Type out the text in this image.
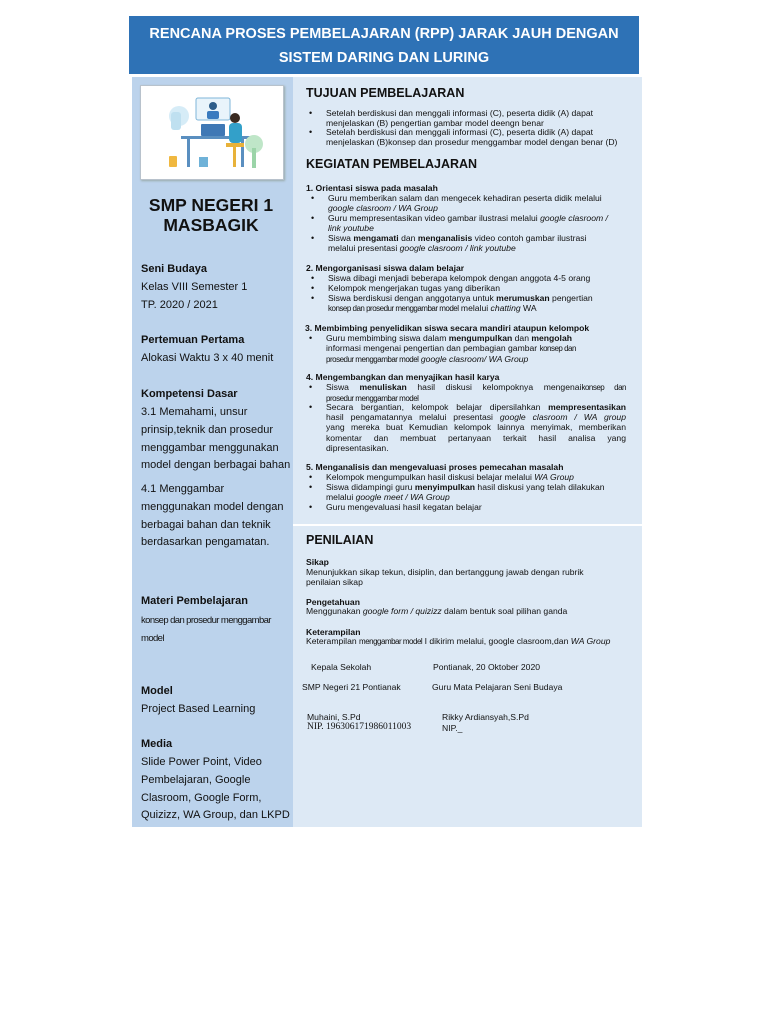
RENCANA PROSES PEMBELAJARAN (RPP) JARAK JAUH DENGAN
SISTEM DARING DAN LURING
SMP NEGERI 1
MASBAGIK
Seni Budaya
Kelas VIII Semester 1
TP. 2020 / 2021
Pertemuan Pertama
Alokasi Waktu 3 x 40 menit
Kompetensi Dasar
3.1 Memahami, unsur
prinsip,teknik dan prosedur
menggambar menggunakan
model dengan berbagai bahan
4.1 Menggambar
menggunakan model dengan
berbagai bahan dan teknik
berdasarkan pengamatan.
Materi Pembelajaran
konsep dan prosedur menggambar
model
Model
Project Based Learning
Media
Slide Power Point, Video
Pembelajaran, Google
Clasroom, Google Form,
Quizizz, WA Group, dan LKPD
TUJUAN PEMBELAJARAN
• Setelah berdiskusi dan menggali informasi (C), peserta didik (A) dapat
menjelaskan (B) pengertian gambar model deengn benar
• Setelah berdiskusi dan menggali informasi (C), peserta didik (A) dapat
menjelaskan (B)konsep dan prosedur menggambar model dengan benar (D)
KEGIATAN PEMBELAJARAN
1. Orientasi siswa pada masalah
• Guru memberikan salam dan mengecek kehadiran peserta didik melalui
google clasroom / WA Group
• Guru mempresentasikan video gambar ilustrasi melalui google clasroom /
link youtube
• Siswa mengamati dan menganalisis video contoh gambar ilustrasi
melalui presentasi google clasroom / link youtube
2. Mengorganisasi siswa dalam belajar
• Siswa dibagi menjadi beberapa kelompok dengan anggota 4-5 orang
• Kelompok mengerjakan tugas yang diberikan
• Siswa berdiskusi dengan anggotanya untuk merumuskan pengertian
konsep dan prosedur menggambar model melalui chatting WA
3. Membimbing penyelidikan siswa secara mandiri ataupun kelompok
• Guru membimbing siswa dalam mengumpulkan dan mengolah
informasi mengenai pengertian dan pembagian gambar konsep dan
prosedur menggambar model google clasroom/ WA Group
4. Mengembangkan dan menyajikan hasil karya
• Siswa menuliskan hasil diskusi kelompoknya mengenaikonsep dan
prosedur menggambar model
• Secara bergantian, kelompok belajar dipersilahkan mempresentasikan
hasil pengamatannya melalui presentasi google clasroom / WA group
yang mereka buat Kemudian kelompok lainnya menyimak, memberikan
komentar dan membuat pertanyaan terkait hasil analisa yang
dipresentasikan.
5. Menganalisis dan mengevaluasi proses pemecahan masalah
• Kelompok mengumpulkan hasil diskusi belajar melalui WA Group
• Siswa didampingi guru menyimpulkan hasil diskusi yang telah dilakukan
melalui google meet / WA Group
• Guru mengevaluasi hasil kegatan belajar
PENILAIAN
Sikap
Menunjukkan sikap tekun, disiplin, dan bertanggung jawab dengan rubrik
penilaian sikap
Pengetahuan
Menggunakan google form / quizizz dalam bentuk soal pilihan ganda
Keterampilan
Keterampilan menggambar model I dikirim melalui, google clasroom,dan WA Group
Kepala Sekolah	Pontianak, 20 Oktober 2020
SMP Negeri 21 Pontianak	Guru Mata Pelajaran Seni Budaya
Muhaini, S.Pd	Rikky Ardiansyah,S.Pd
NIP. 196306171986011003	NIP._
